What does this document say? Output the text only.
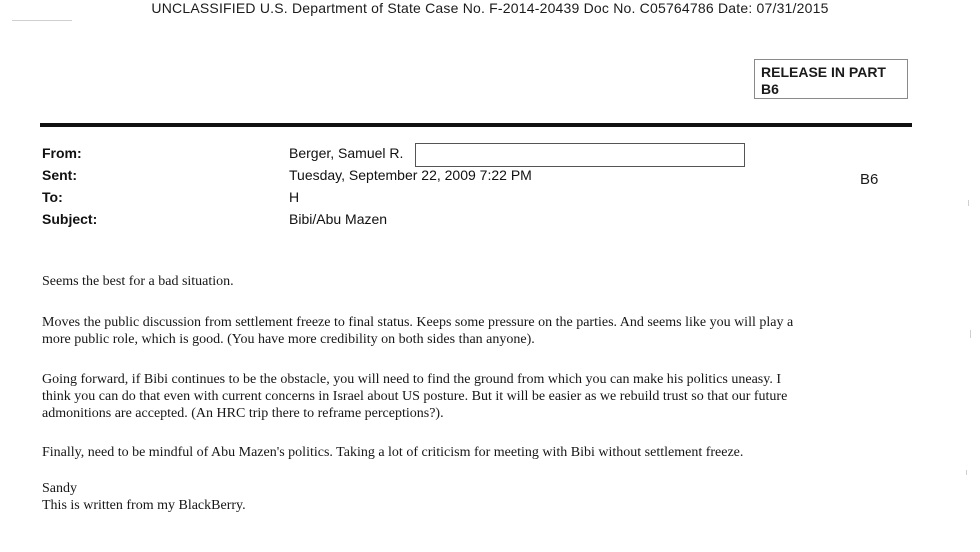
UNCLASSIFIED U.S. Department of State Case No. F-2014-20439 Doc No. C05764786 Date: 07/31/2015
RELEASE IN PART
B6
From:	Berger, Samuel R.
Sent:	Tuesday, September 22, 2009 7:22 PM	B6
To:	H
Subject:	Bibi/Abu Mazen
Seems the best for a bad situation.
Moves the public discussion from settlement freeze to final status. Keeps some pressure on the parties. And seems like you will play a
more public role, which is good. (You have more credibility on both sides than anyone).
Going forward, if Bibi continues to be the obstacle, you will need to find the ground from which you can make his politics uneasy. I
think you can do that even with current concerns in Israel about US posture. But it will be easier as we rebuild trust so that our future
admonitions are accepted. (An HRC trip there to reframe perceptions?).
Finally, need to be mindful of Abu Mazen's politics. Taking a lot of criticism for meeting with Bibi without settlement freeze.
Sandy
This is written from my BlackBerry.
